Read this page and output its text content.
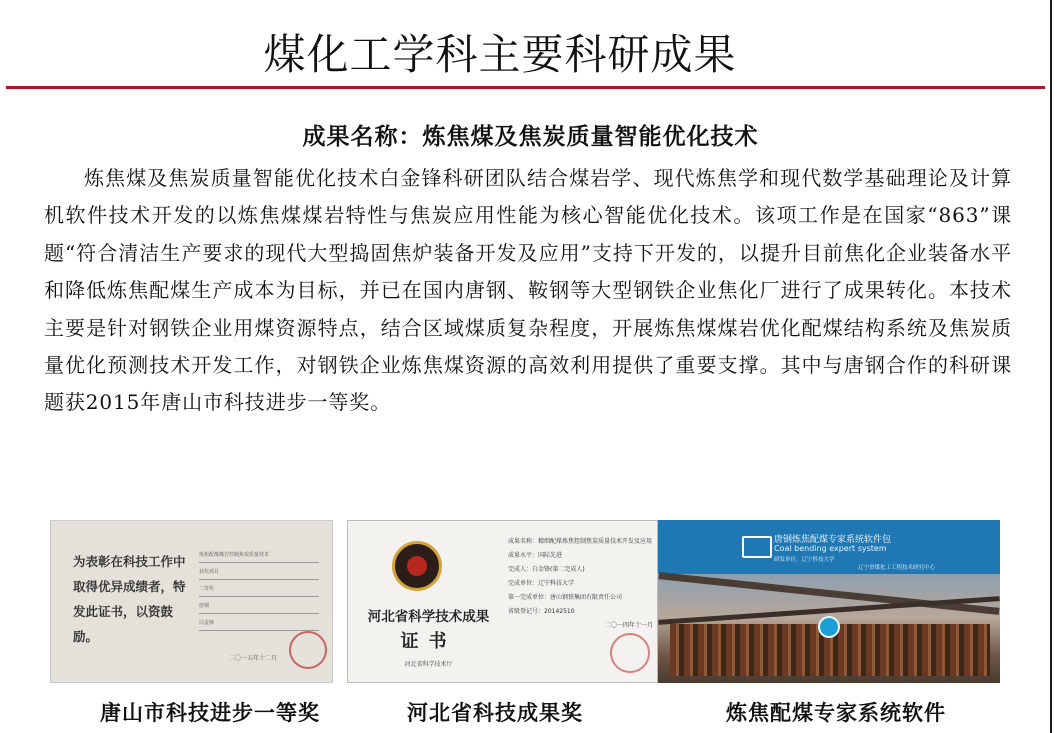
煤化工学科主要科研成果
成果名称：炼焦煤及焦炭质量智能优化技术

炼焦煤及焦炭质量智能优化技术白金锋科研团队结合煤岩学、现代炼焦学和现代数学基础理论及计算机软件技术开发的以炼焦煤煤岩特性与焦炭应用性能为核心智能优化技术。该项工作是在国家“863”课题“符合清洁生产要求的现代大型捣固焦炉装备开发及应用”支持下开发的，以提升目前焦化企业装备水平和降低炼焦配煤生产成本为目标，并已在国内唐钢、鞍钢等大型钢铁企业焦化厂进行了成果转化。本技术主要是针对钢铁企业用煤资源特点，结合区域煤质复杂程度，开展炼焦煤煤岩优化配煤结构系统及焦炭质量优化预测技术开发工作，对钢铁企业炼焦煤资源的高效利用提供了重要支撑。其中与唐钢合作的科研课题获2015年唐山市科技进步一等奖。

为表彰在科技工作中取得优异成绩者，特发此证书，以资鼓励。
炼焦配煤煤岩控制焦炭质量技术
获奖项目
二等奖
唐钢
白金锋
二〇一五年十二月
河北省科学技术成果
证书
河北省科学技术厅
成果名称：精细配煤炼焦控制焦炭质量技术开发及应用
成果水平：国际先进
完成人：白金锋(第二完成人)
完成单位：辽宁科技大学
第一完成单位：唐山钢铁集团有限责任公司
省级登记号：20142510
二〇一四年十一月
唐钢炼焦配煤专家系统软件包
Coal bending expert system
研发单位：辽宁科技大学
辽宁省煤化工工程技术研究中心
唐山市科技进步一等奖	河北省科技成果奖	炼焦配煤专家系统软件
